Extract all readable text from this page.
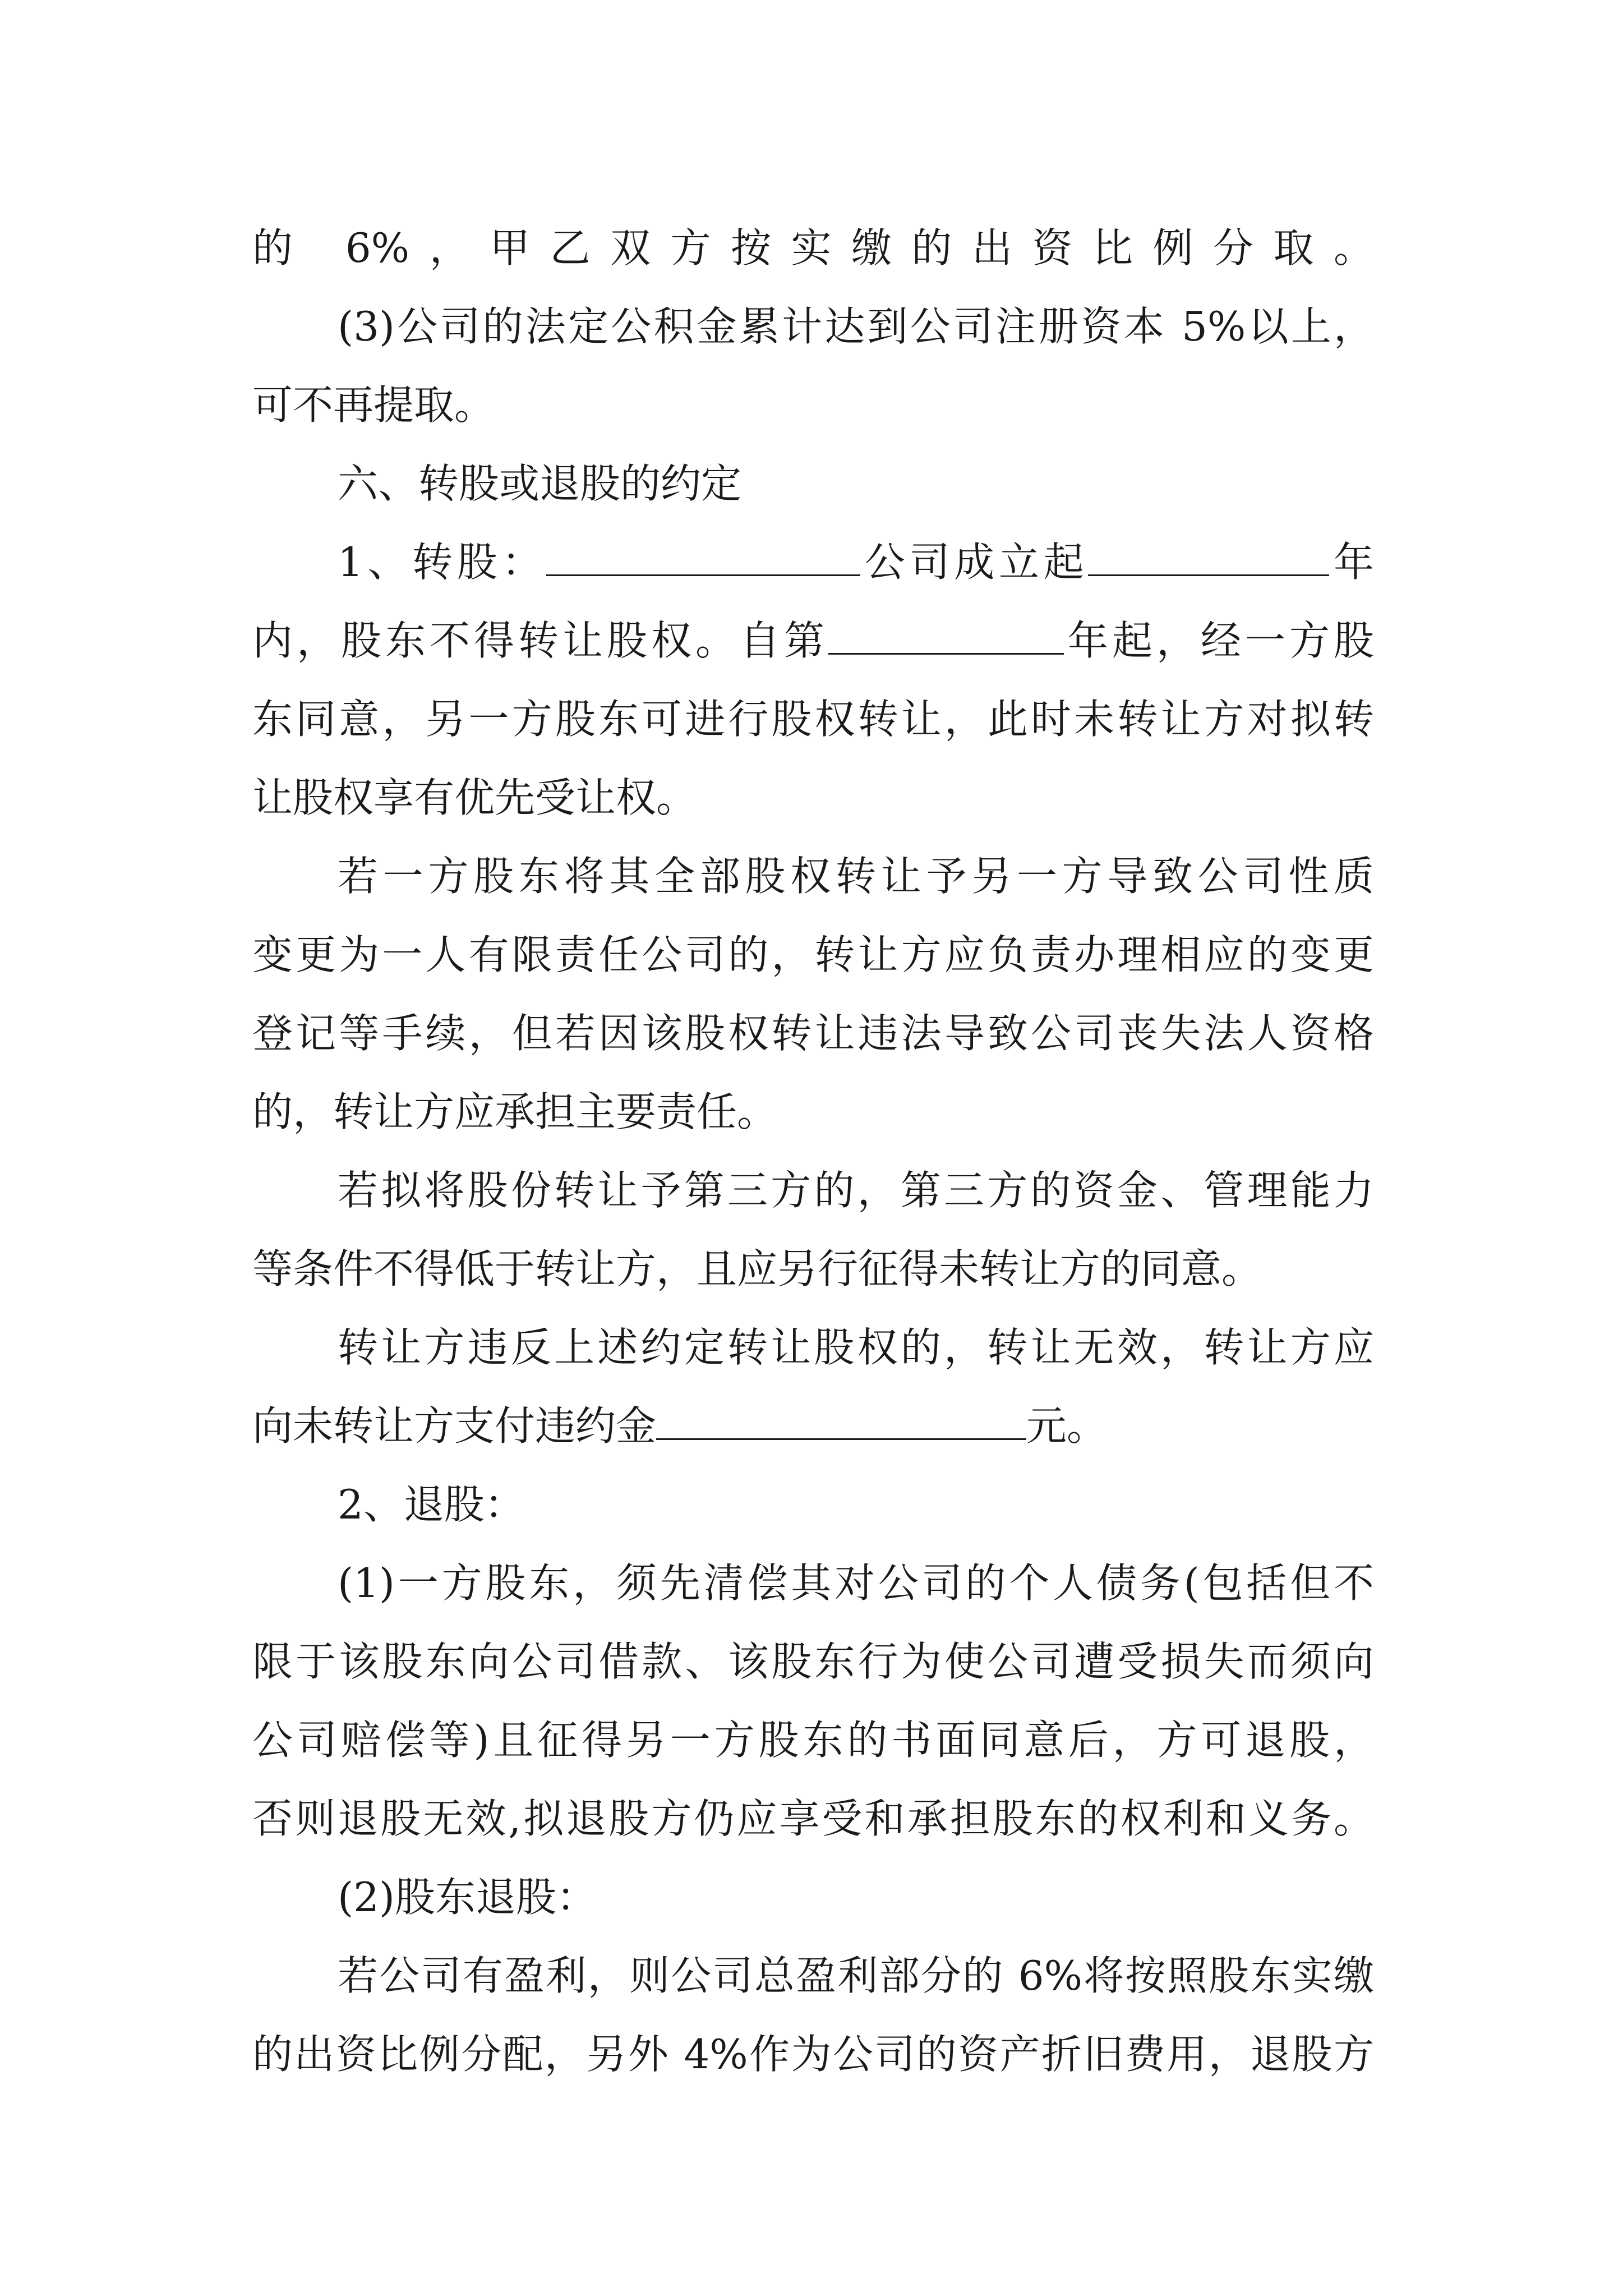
的 6%，甲乙双方按实缴的出资比例分取。
(3)公司的法定公积金累计达到公司注册资本 5%以上，
可不再提取。
六、转股或退股的约定
1、转股：	公司成立起	年
内，股东不得转让股权。自第	年起，经一方股
东同意，另一方股东可进行股权转让，此时未转让方对拟转
让股权享有优先受让权。
若一方股东将其全部股权转让予另一方导致公司性质
变更为一人有限责任公司的，转让方应负责办理相应的变更
登记等手续，但若因该股权转让违法导致公司丧失法人资格
的，转让方应承担主要责任。
若拟将股份转让予第三方的，第三方的资金、管理能力
等条件不得低于转让方，且应另行征得未转让方的同意。
转让方违反上述约定转让股权的，转让无效，转让方应
向未转让方支付违约金	元。
2、退股：
(1)一方股东，须先清偿其对公司的个人债务(包括但不
限于该股东向公司借款、该股东行为使公司遭受损失而须向
公司赔偿等)且征得另一方股东的书面同意后，方可退股，
否则退股无效,拟退股方仍应享受和承担股东的权利和义务。
(2)股东退股：
若公司有盈利，则公司总盈利部分的 6%将按照股东实缴
的出资比例分配，另外 4%作为公司的资产折旧费用，退股方
